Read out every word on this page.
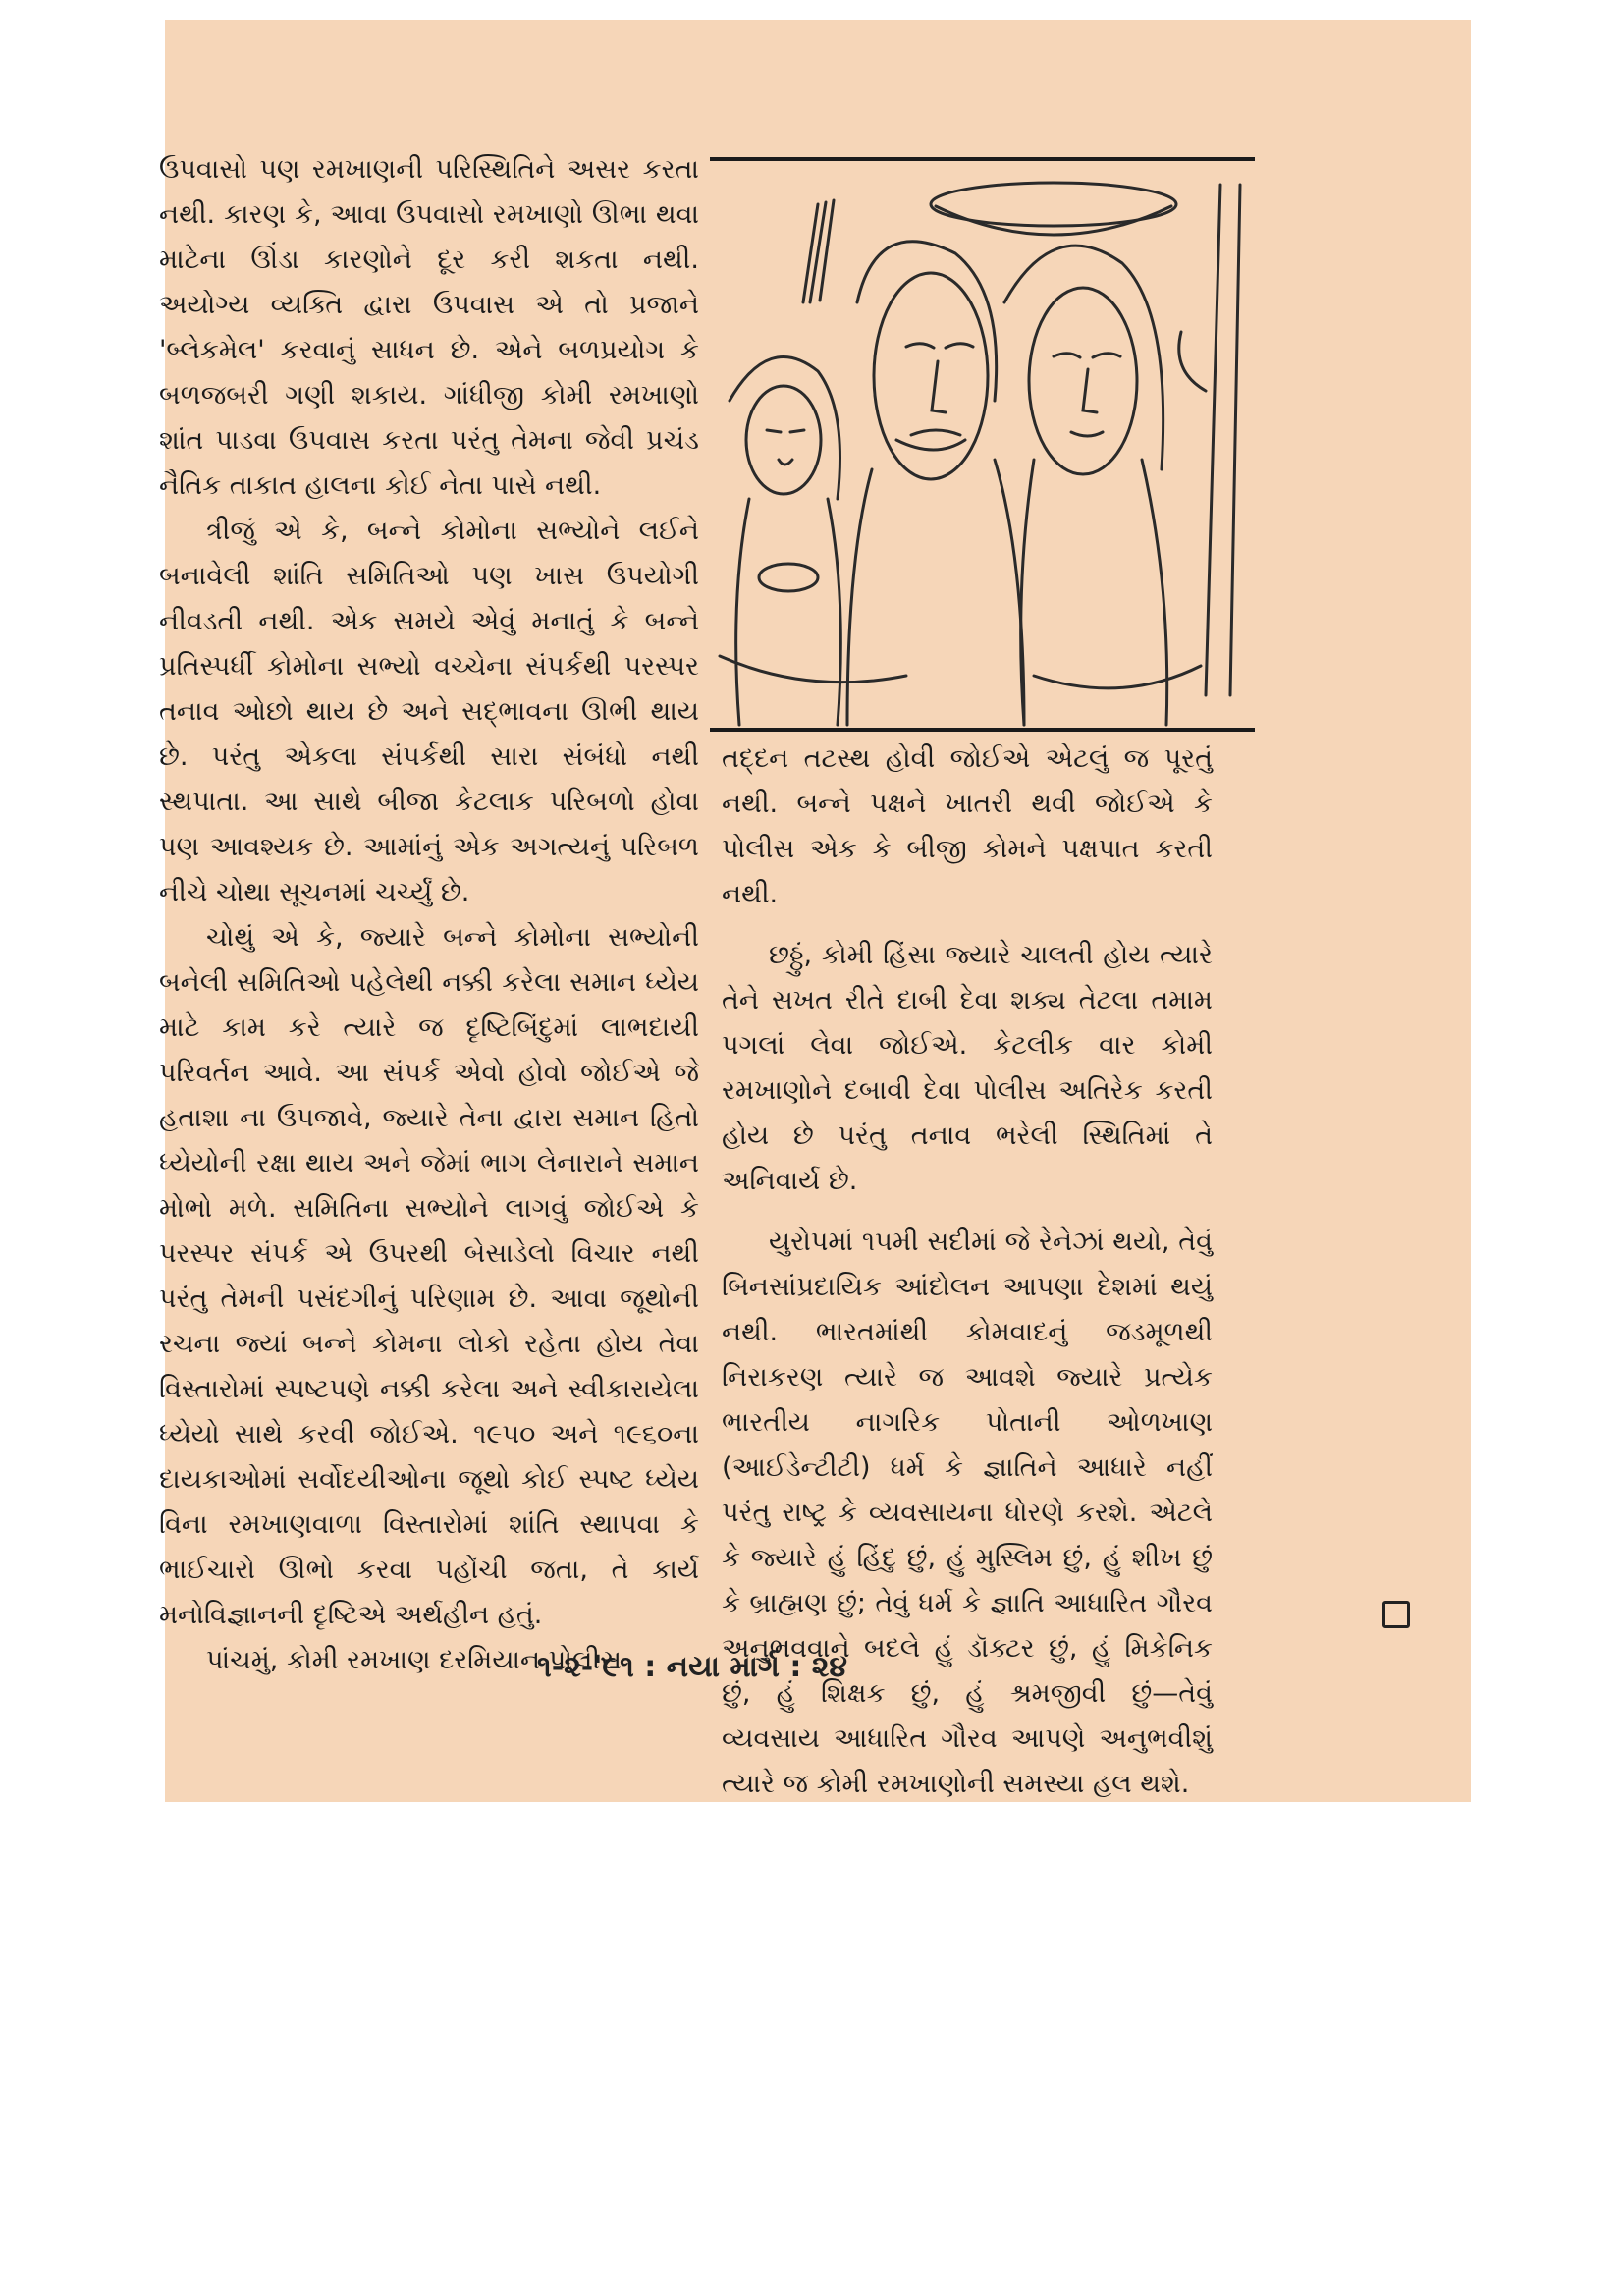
ઉપવાસો પણ રમખાણની પરિસ્થિતિને અસર કરતા નથી. કારણ કે, આવા ઉપવાસો રમખાણો ઊભા થવા માટેના ઊંડા કારણોને દૂર કરી શકતા નથી. અયોગ્ય વ્યક્તિ દ્વારા ઉપવાસ એ તો પ્રજાને 'બ્લેકમેલ' કરવાનું સાધન છે. એને બળપ્રયોગ કે બળજબરી ગણી શકાય. ગાંધીજી કોમી રમખાણો શાંત પાડવા ઉપવાસ કરતા પરંતુ તેમના જેવી પ્રચંડ નૈતિક તાકાત હાલના કોઈ નેતા પાસે નથી.

ત્રીજું એ કે, બન્ને કોમોના સભ્યોને લઈને બનાવેલી શાંતિ સમિતિઓ પણ ખાસ ઉપયોગી નીવડતી નથી. એક સમયે એવું મનાતું કે બન્ને પ્રતિસ્પર્ધી કોમોના સભ્યો વચ્ચેના સંપર્કથી પરસ્પર તનાવ ઓછો થાય છે અને સદ્ભાવના ઊભી થાય છે. પરંતુ એકલા સંપર્કથી સારા સંબંધો નથી સ્થપાતા. આ સાથે બીજા કેટલાક પરિબળો હોવા પણ આવશ્યક છે. આમાંનું એક અગત્યનું પરિબળ નીચે ચોથા સૂચનમાં ચર્ચ્યું છે.

ચોથું એ કે, જ્યારે બન્ને કોમોના સભ્યોની બનેલી સમિતિઓ પહેલેથી નક્કી કરેલા સમાન ધ્યેય માટે કામ કરે ત્યારે જ દૃષ્ટિબિંદુમાં લાભદાયી પરિવર્તન આવે. આ સંપર્ક એવો હોવો જોઈએ જે હતાશા ના ઉપજાવે, જ્યારે તેના દ્વારા સમાન હિતો ધ્યેયોની રક્ષા થાય અને જેમાં ભાગ લેનારાને સમાન મોભો મળે. સમિતિના સભ્યોને લાગવું જોઈએ કે પરસ્પર સંપર્ક એ ઉપરથી બેસાડેલો વિચાર નથી પરંતુ તેમની પસંદગીનું પરિણામ છે. આવા જૂથોની રચના જ્યાં બન્ને કોમના લોકો રહેતા હોય તેવા વિસ્તારોમાં સ્પષ્ટપણે નક્કી કરેલા અને સ્વીકારાયેલા ધ્યેયો સાથે કરવી જોઈએ. ૧૯૫૦ અને ૧૯૬૦ના દાયકાઓમાં સર્વોદયીઓના જૂથો કોઈ સ્પષ્ટ ધ્યેય વિના રમખાણવાળા વિસ્તારોમાં શાંતિ સ્થાપવા કે ભાઈચારો ઊભો કરવા પહોંચી જતા, તે કાર્ય મનોવિજ્ઞાનની દૃષ્ટિએ અર્થહીન હતું.

પાંચમું, કોમી રમખાણ દરમિયાન પોલીસ

તદ્દન તટસ્થ હોવી જોઈએ એટલું જ પૂરતું નથી. બન્ને પક્ષને ખાતરી થવી જોઈએ કે પોલીસ એક કે બીજી કોમને પક્ષપાત કરતી નથી.

છઠ્ઠું, કોમી હિંસા જ્યારે ચાલતી હોય ત્યારે તેને સખત રીતે દાબી દેવા શક્ય તેટલા તમામ પગલાં લેવા જોઈએ. કેટલીક વાર કોમી રમખાણોને દબાવી દેવા પોલીસ અતિરેક કરતી હોય છે પરંતુ તનાવ ભરેલી સ્થિતિમાં તે અનિવાર્ય છે.

યુરોપમાં ૧૫મી સદીમાં જે રેનેઝાં થયો, તેવું બિનસાંપ્રદાયિક આંદોલન આપણા દેશમાં થયું નથી. ભારતમાંથી કોમવાદનું જડમૂળથી નિરાકરણ ત્યારે જ આવશે જ્યારે પ્રત્યેક ભારતીય નાગરિક પોતાની ઓળખાણ (આઈડેન્ટીટી) ધર્મ કે જ્ઞાતિને આધારે નહીં પરંતુ રાષ્ટ્ર કે વ્યવસાયના ધોરણે કરશે. એટલે કે જ્યારે હું હિંદુ છું, હું મુસ્લિમ છું, હું શીખ છું કે બ્રાહ્મણ છું; તેવું ધર્મ કે જ્ઞાતિ આધારિત ગૌરવ અનુભવવાને બદલે હું ડૉક્ટર છું, હું મિકેનિક છું, હું શિક્ષક છું, હું શ્રમજીવી છું—તેવું વ્યવસાય આધારિત ગૌરવ આપણે અનુભવીશું ત્યારે જ કોમી રમખાણોની સમસ્યા હલ થશે.

૧-૨-'૯૧ : નયા માર્ગ : ૨૪
